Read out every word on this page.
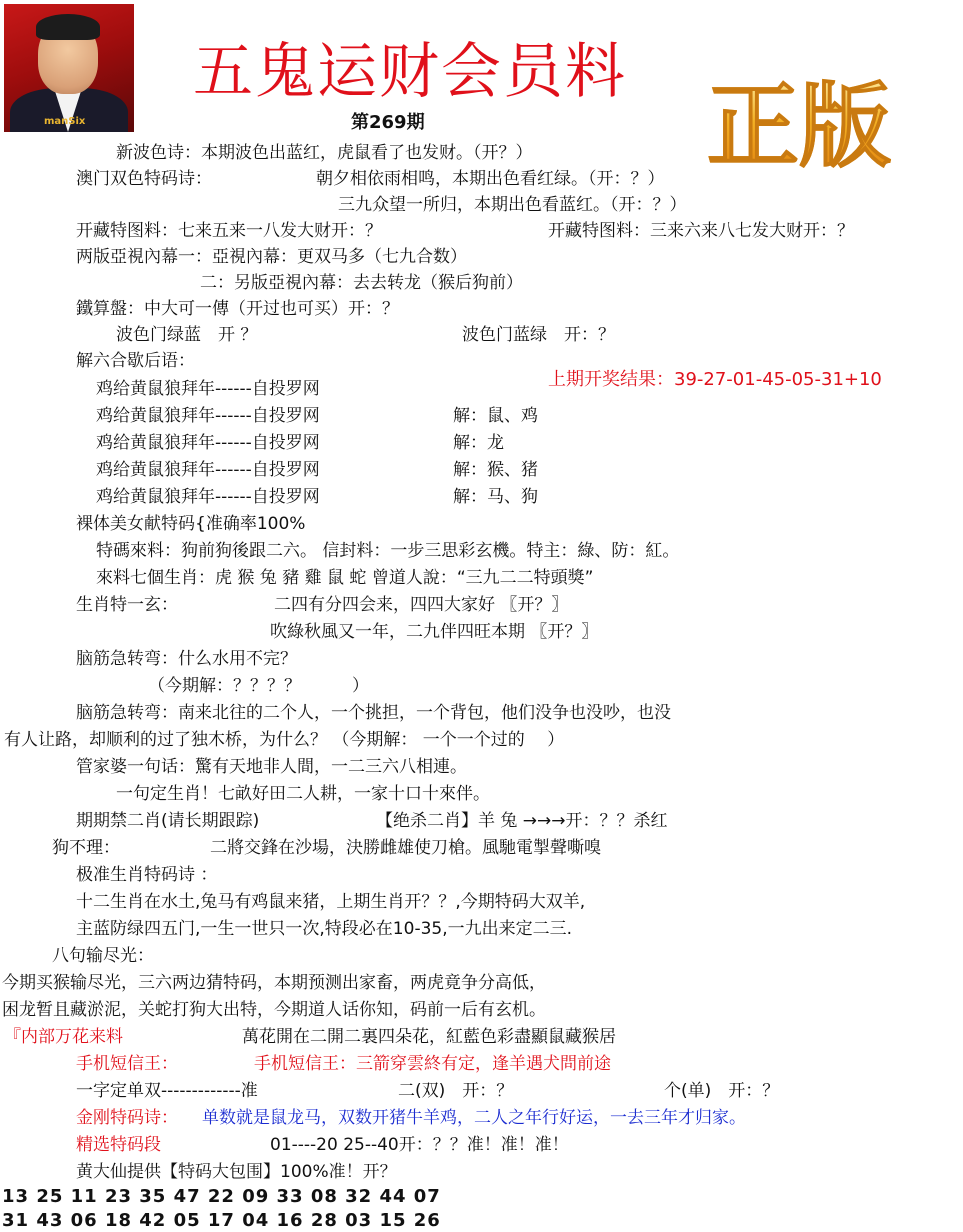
manSix
五鬼运财会员料
正版
第269期
新波色诗：本期波色出蓝红，虎鼠看了也发财。（开？）
澳门双色特码诗：	朝夕相依雨相鸣，本期出色看红绿。（开：？）
三九众望一所归，本期出色看蓝红。（开：？）
开藏特图料：七来五来一八发大财开：？	开藏特图料：三来六来八七发大财开：？
两版亞視內幕一：亞視內幕：更双马多（七九合数）
二：另版亞視內幕：去去转龙（猴后狗前）
鐵算盤：中大可一傳（开过也可买）开：？
波色门绿蓝　开 ？	波色门蓝绿　开：？
解六合歇后语：
上期开奖结果：39-27-01-45-05-31+10
鸡给黄鼠狼拜年------自投罗网
鸡给黄鼠狼拜年------自投罗网	解：鼠、鸡
鸡给黄鼠狼拜年------自投罗网	解：龙
鸡给黄鼠狼拜年------自投罗网	解：猴、猪
鸡给黄鼠狼拜年------自投罗网	解：马、狗
裸体美女献特码{准确率100%
特碼來料：狗前狗後跟二六。 信封料：一步三思彩玄機。特主：綠、防：紅。
來料七個生肖：虎 猴 兔 豬 雞 鼠 蛇 曾道人說：“三九二二特頭獎”
生肖特一玄：	二四有分四会来，四四大家好 〖开？〗
吹綠秋風又一年，二九伴四旺本期 〖开？〗
脑筋急转弯：什么水用不完？
（今期解：？？？？　　　）
脑筋急转弯：南来北往的二个人，一个挑担，一个背包，他们没争也没吵，也没
有人让路，却顺利的过了独木桥，为什么？ （今期解： 一个一个过的　 ）
管家婆一句话：驚有天地非人間，一二三六八相連。
一句定生肖！七畝好田二人耕，一家十口十來伴。
期期禁二肖(请长期跟踪)	【绝杀二肖】羊 兔 →→→开：？？杀红
狗不理：	二將交鋒在沙場，決勝雌雄使刀槍。風馳電掣聲嘶嗅
极准生肖特码诗 ：
十二生肖在水土,兔马有鸡鼠来猪，上期生肖开？？,今期特码大双羊,
主蓝防绿四五门,一生一世只一次,特段必在10-35,一九出来定二三.
八句输尽光：
今期买猴输尽光，三六两边猜特码，本期预测出家畜，两虎竟争分高低，
困龙暂且藏淤泥，关蛇打狗大出特，今期道人话你知，码前一后有玄机。
『内部万花来料	萬花開在二開二裏四朵花，紅藍色彩盡顯鼠藏猴居
手机短信王：	手机短信王：三箭穿雲終有定，逢羊遇犬問前途
一字定单双-------------准	二(双)　开：？	个(单)　开：？
金刚特码诗： 单数就是鼠龙马，双数开猪牛羊鸡，二人之年行好运，一去三年才归家。
精选特码段	01----20 25--40开：？？准！准！准！
黄大仙提供【特码大包围】100%准！开？
13 25 11 23 35 47 22 09 33 08 32 44 07
31 43 06 18 42 05 17 04 16 28 03 15 26
